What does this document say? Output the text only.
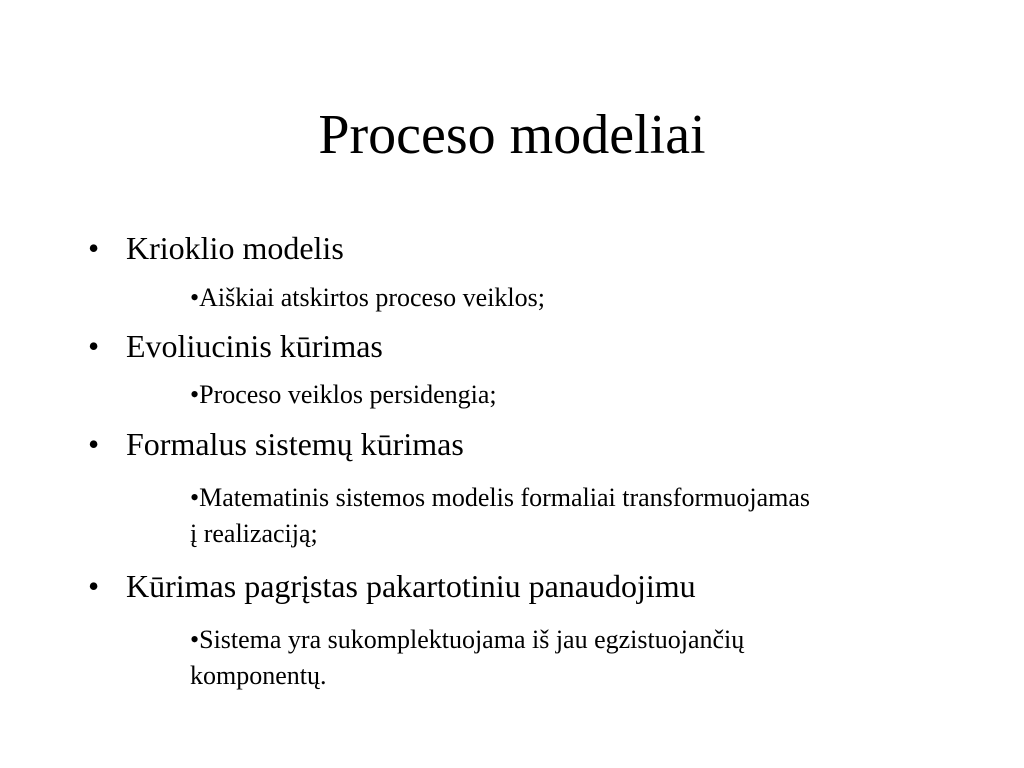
Proceso modeliai
• Krioklio modelis
•Aiškiai atskirtos proceso veiklos;
• Evoliucinis kūrimas
•Proceso veiklos persidengia;
• Formalus sistemų kūrimas
•Matematinis sistemos modelis formaliai transformuojamas į realizaciją;
• Kūrimas pagrįstas pakartotiniu panaudojimu
•Sistema yra sukomplektuojama iš jau egzistuojančių komponentų.
